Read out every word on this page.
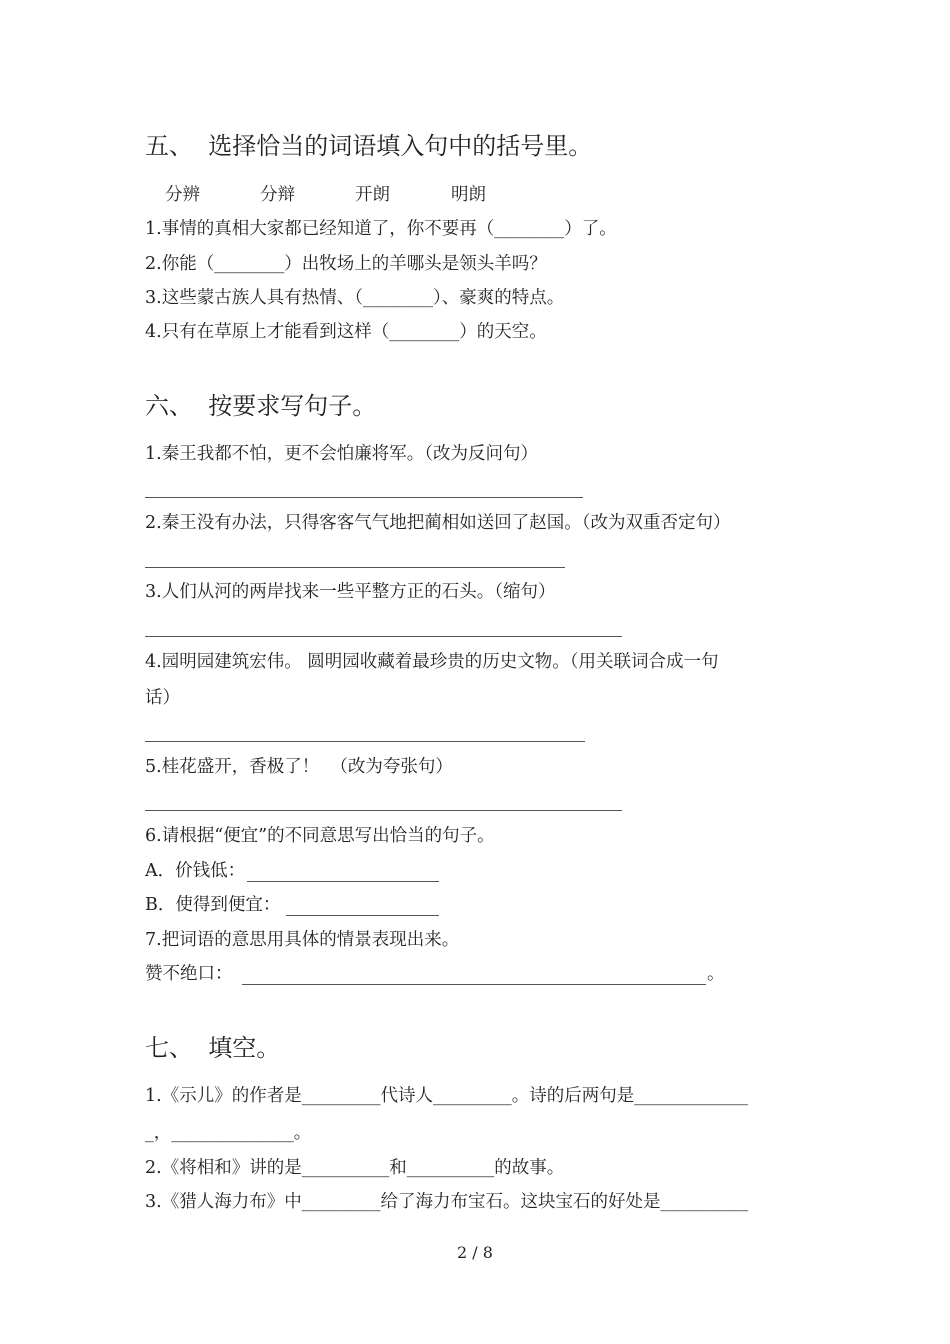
五、  选择恰当的词语填入句中的括号里。
分辨	分辩	开朗	明朗
1.事情的真相大家都已经知道了，你不要再（________）了。
2.你能（________）出牧场上的羊哪头是领头羊吗？
3.这些蒙古族人具有热情、（________）、豪爽的特点。
4.只有在草原上才能看到这样（________）的天空。
六、  按要求写句子。
1.秦王我都不怕，更不会怕廉将军。（改为反问句）
2.秦王没有办法，只得客客气气地把蔺相如送回了赵国。（改为双重否定句）
3.人们从河的两岸找来一些平整方正的石头。（缩句）
4.园明园建筑宏伟。 圆明园收藏着最珍贵的历史文物。（用关联词合成一句
话）
5.桂花盛开，香极了！  （改为夸张句）
6.请根据“便宜”的不同意思写出恰当的句子。
A．价钱低：
B．使得到便宜：
7.把词语的意思用具体的情景表现出来。
赞不绝口：	。
七、  填空。
1.《示儿》的作者是_________代诗人_________。诗的后两句是_____________
_，______________。
2.《将相和》讲的是__________和__________的故事。
3.《猎人海力布》中_________给了海力布宝石。这块宝石的好处是__________
2 / 8
